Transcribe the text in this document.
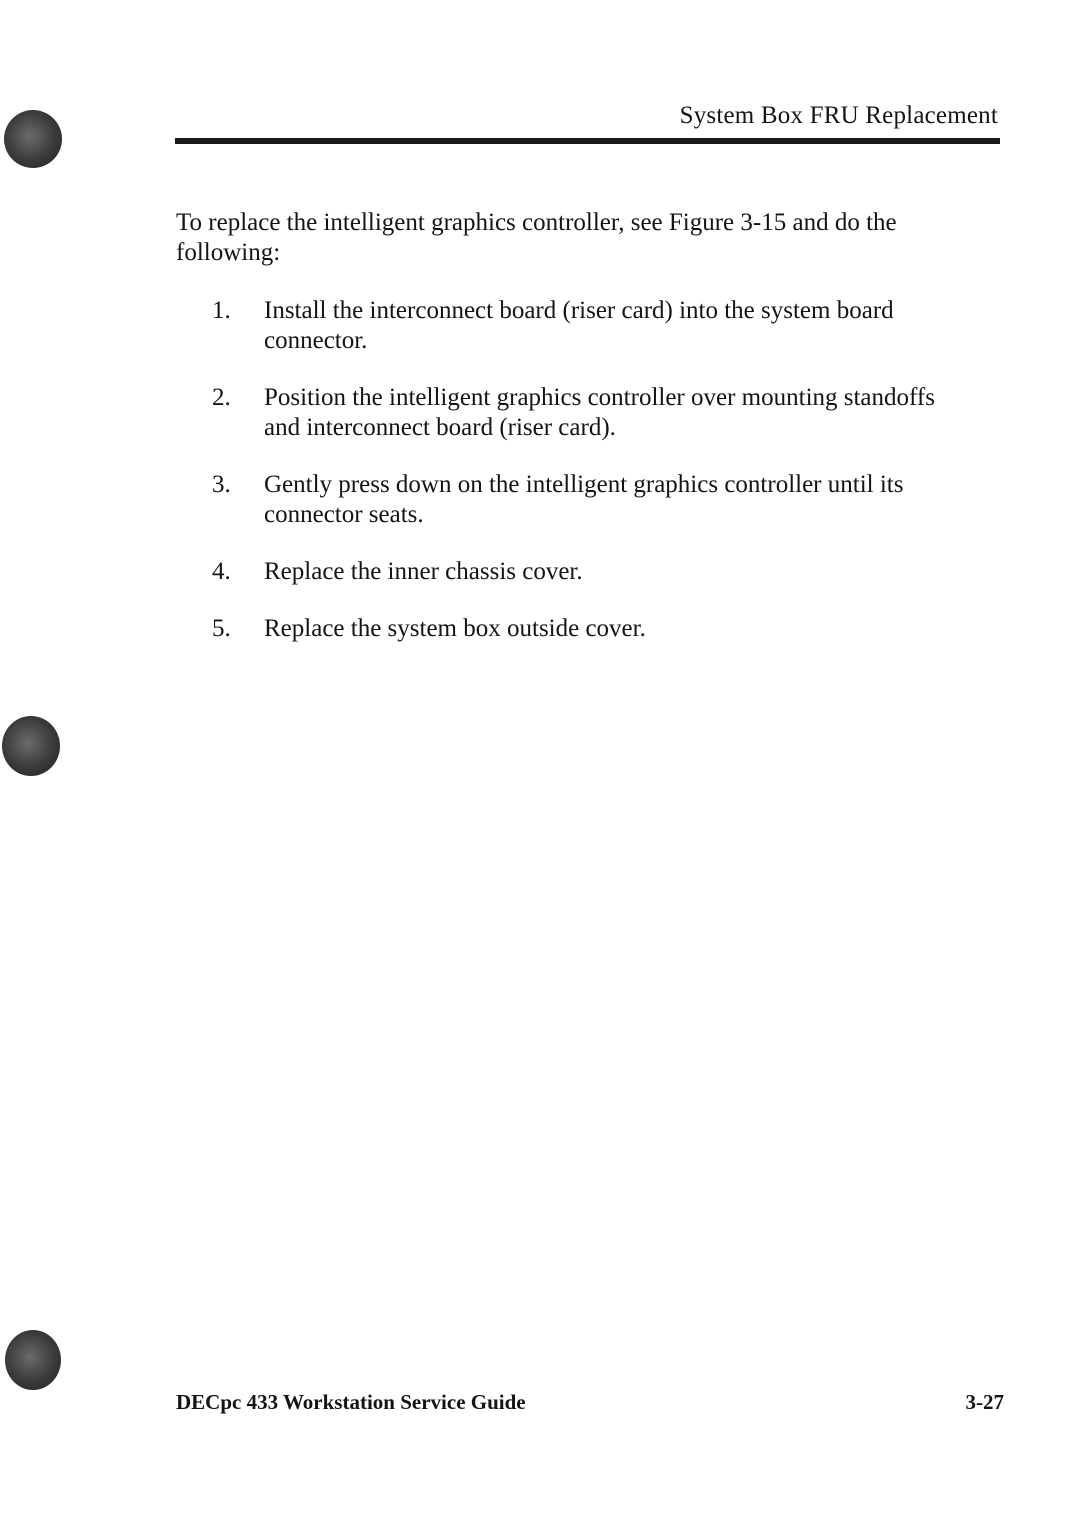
System Box FRU Replacement

To replace the intelligent graphics controller, see Figure 3-15 and do the following:

1. Install the interconnect board (riser card) into the system board connector.
2. Position the intelligent graphics controller over mounting standoffs and interconnect board (riser card).
3. Gently press down on the intelligent graphics controller until its connector seats.
4. Replace the inner chassis cover.
5. Replace the system box outside cover.
DECpc 433 Workstation Service Guide	3-27
